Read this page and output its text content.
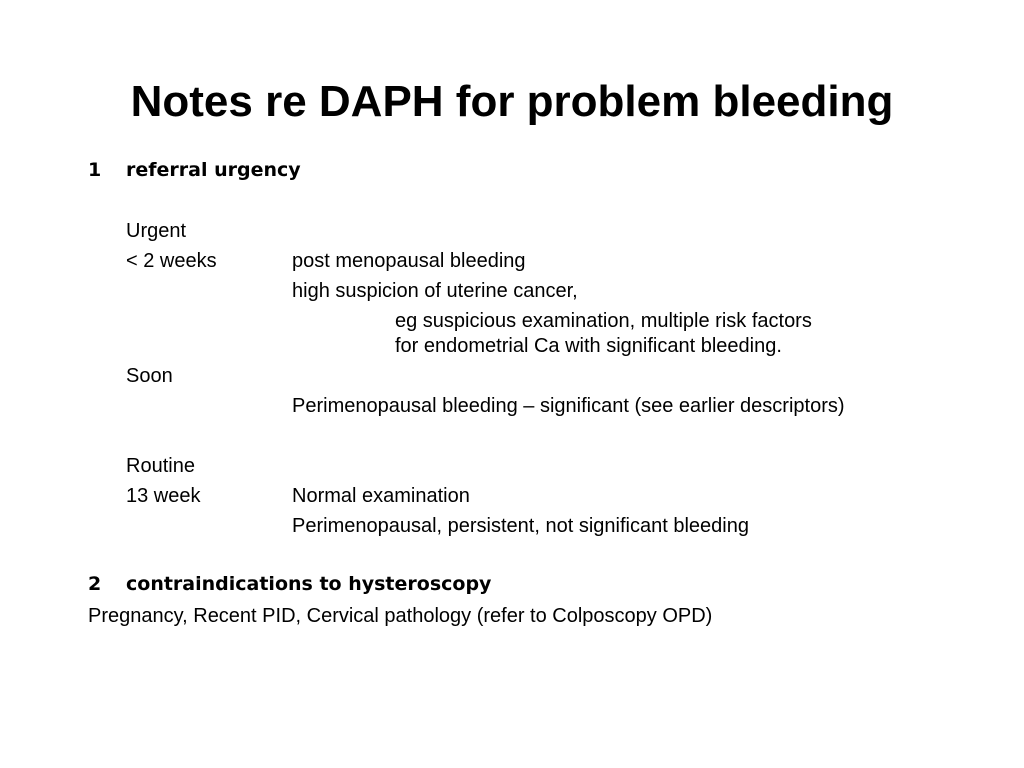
Notes re DAPH for problem bleeding
1 referral urgency
Urgent
< 2 weeks	post menopausal bleeding
high suspicion of uterine cancer,
eg suspicious examination, multiple risk factors
for endometrial Ca with significant bleeding.
Soon
Perimenopausal bleeding – significant (see earlier descriptors)
Routine
13 week	Normal examination
Perimenopausal, persistent, not significant bleeding
2 contraindications to hysteroscopy
Pregnancy, Recent PID, Cervical pathology (refer to Colposcopy OPD)
